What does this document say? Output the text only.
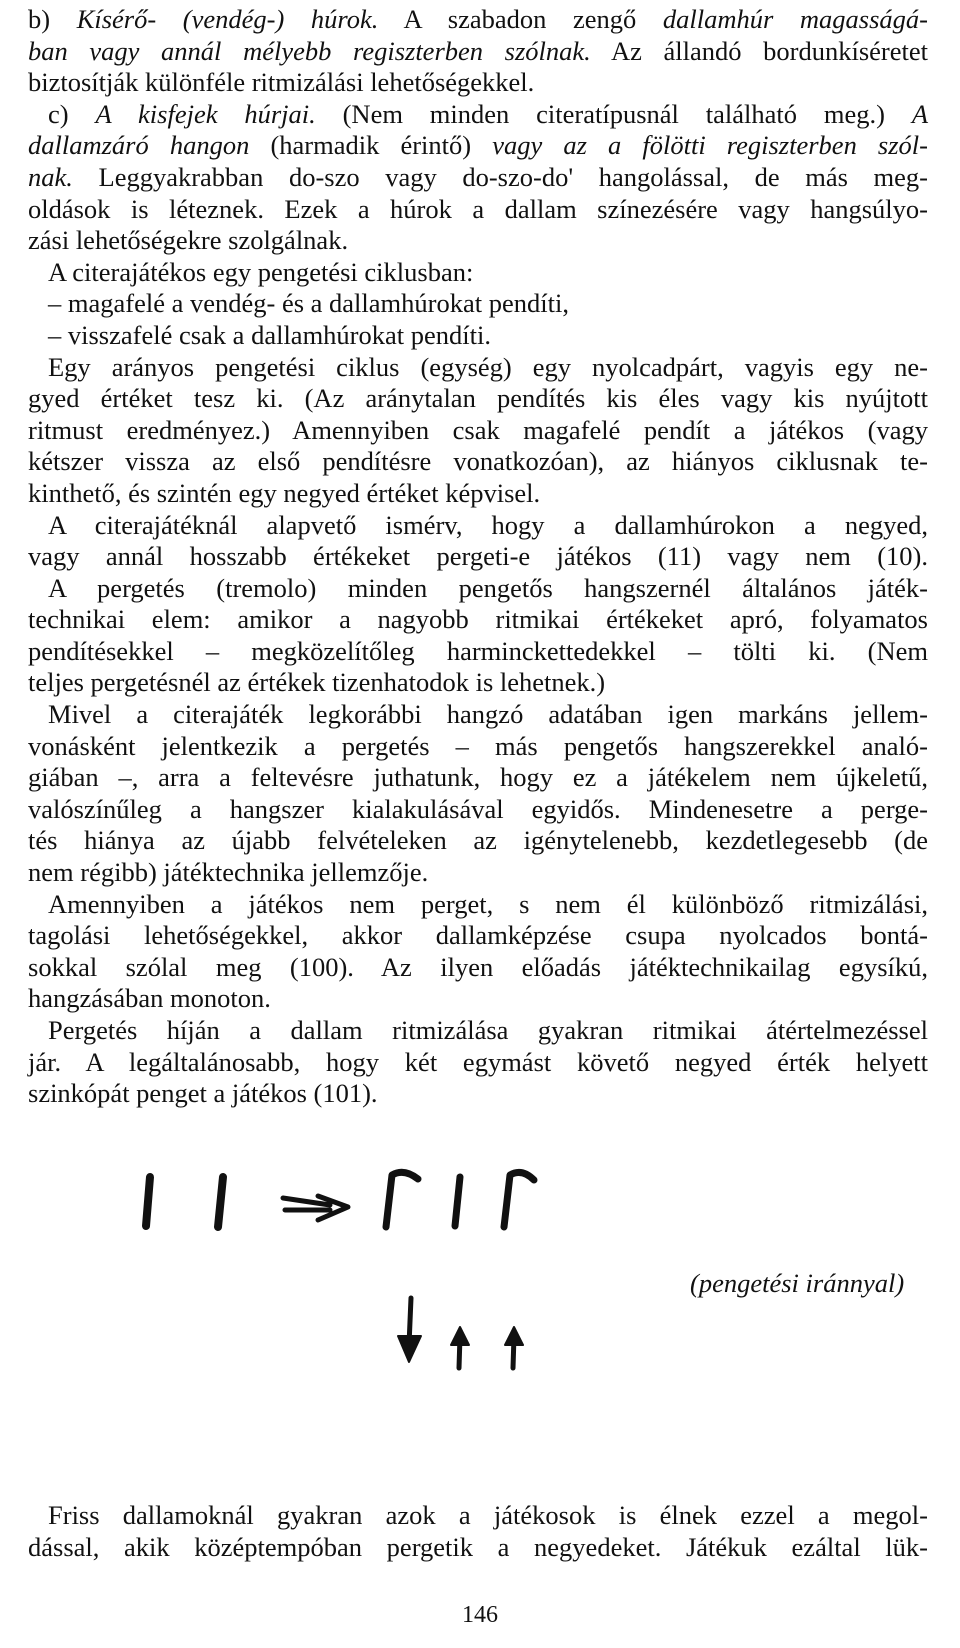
b) Kísérő- (vendég-) húrok. A szabadon zengő dallamhúr magasságá-
ban vagy annál mélyebb regiszterben szólnak. Az állandó bordunkíséretet
biztosítják különféle ritmizálási lehetőségekkel.
c) A kisfejek húrjai. (Nem minden citeratípusnál található meg.) A
dallamzáró hangon (harmadik érintő) vagy az a fölötti regiszterben szól-
nak. Leggyakrabban do-szo vagy do-szo-do' hangolással, de más meg-
oldások is léteznek. Ezek a húrok a dallam színezésére vagy hangsúlyo-
zási lehetőségekre szolgálnak.
A citerajátékos egy pengetési ciklusban:
– magafelé a vendég- és a dallamhúrokat pendíti,
– visszafelé csak a dallamhúrokat pendíti.
Egy arányos pengetési ciklus (egység) egy nyolcadpárt, vagyis egy ne-
gyed értéket tesz ki. (Az aránytalan pendítés kis éles vagy kis nyújtott
ritmust eredményez.) Amennyiben csak magafelé pendít a játékos (vagy
kétszer vissza az első pendítésre vonatkozóan), az hiányos ciklusnak te-
kinthető, és szintén egy negyed értéket képvisel.
A citerajátéknál alapvető ismérv, hogy a dallamhúrokon a negyed,
vagy annál hosszabb értékeket pergeti-e játékos (11) vagy nem (10).
A pergetés (tremolo) minden pengetős hangszernél általános játék-
technikai elem: amikor a nagyobb ritmikai értékeket apró, folyamatos
pendítésekkel – megközelítőleg harminckettedekkel – tölti ki. (Nem
teljes pergetésnél az értékek tizenhatodok is lehetnek.)
Mivel a citerajáték legkorábbi hangzó adatában igen markáns jellem-
vonásként jelentkezik a pergetés – más pengetős hangszerekkel analó-
giában –, arra a feltevésre juthatunk, hogy ez a játékelem nem újkeletű,
valószínűleg a hangszer kialakulásával egyidős. Mindenesetre a perge-
tés hiánya az újabb felvételeken az igénytelenebb, kezdetlegesebb (de
nem régibb) játéktechnika jellemzője.
Amennyiben a játékos nem perget, s nem él különböző ritmizálási,
tagolási lehetőségekkel, akkor dallamképzése csupa nyolcados bontá-
sokkal szólal meg (100). Az ilyen előadás játéktechnikailag egysíkú,
hangzásában monoton.
Pergetés híján a dallam ritmizálása gyakran ritmikai átértelmezéssel
jár. A legáltalánosabb, hogy két egymást követő negyed érték helyett
szinkópát penget a játékos (101).
(pengetési iránnyal)
Friss dallamoknál gyakran azok a játékosok is élnek ezzel a megol-
dással, akik középtempóban pergetik a negyedeket. Játékuk ezáltal lük-
146
